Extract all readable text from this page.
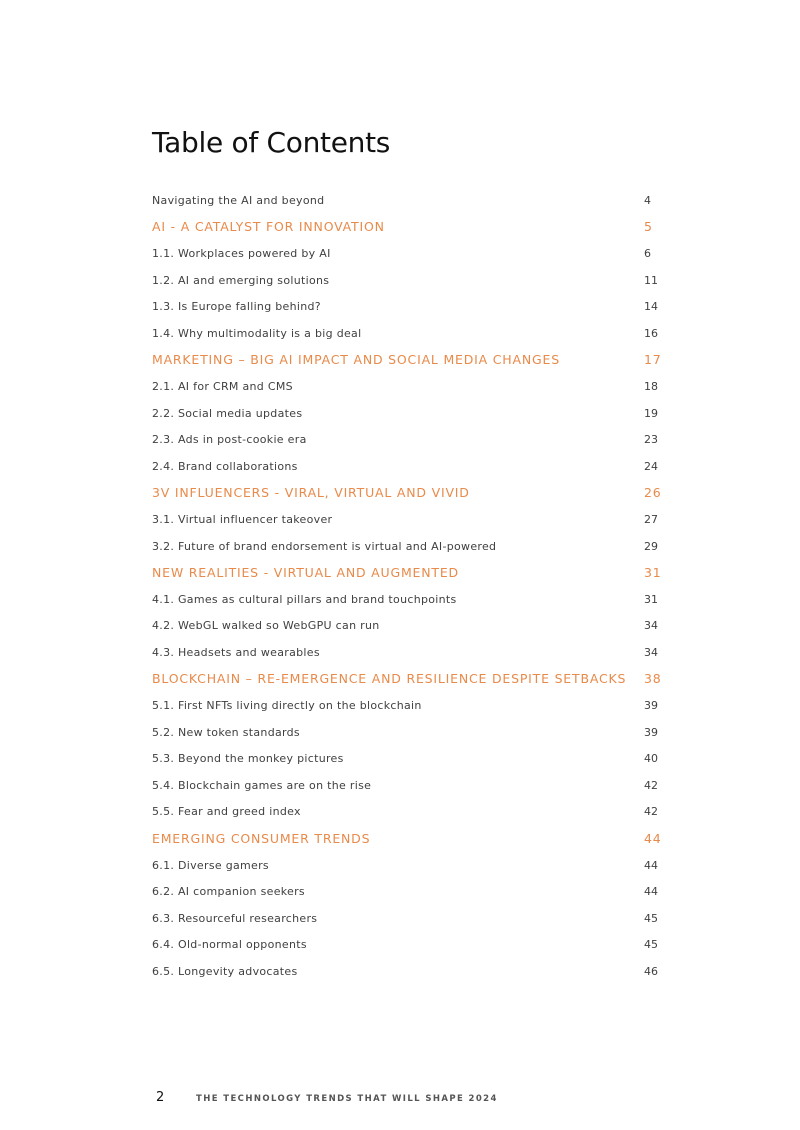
Table of Contents
Navigating the AI and beyond	4
AI - A CATALYST FOR INNOVATION	5
1.1. Workplaces powered by AI	6
1.2. AI and emerging solutions	11
1.3. Is Europe falling behind?	14
1.4. Why multimodality is a big deal	16
MARKETING – BIG AI IMPACT AND SOCIAL MEDIA CHANGES	17
2.1. AI for CRM and CMS	18
2.2. Social media updates	19
2.3. Ads in post-cookie era	23
2.4. Brand collaborations	24
3V INFLUENCERS - VIRAL, VIRTUAL AND VIVID	26
3.1. Virtual influencer takeover	27
3.2. Future of brand endorsement is virtual and AI-powered	29
NEW REALITIES - VIRTUAL AND AUGMENTED	31
4.1. Games as cultural pillars and brand touchpoints	31
4.2. WebGL walked so WebGPU can run	34
4.3. Headsets and wearables	34
BLOCKCHAIN – RE-EMERGENCE AND RESILIENCE DESPITE SETBACKS 38
5.1. First NFTs living directly on the blockchain	39
5.2. New token standards	39
5.3. Beyond the monkey pictures	40
5.4. Blockchain games are on the rise	42
5.5. Fear and greed index	42
EMERGING CONSUMER TRENDS	44
6.1. Diverse gamers	44
6.2. AI companion seekers	44
6.3. Resourceful researchers	45
6.4. Old-normal opponents	45
6.5. Longevity advocates	46
2	THE TECHNOLOGY TRENDS THAT WILL SHAPE 2024
